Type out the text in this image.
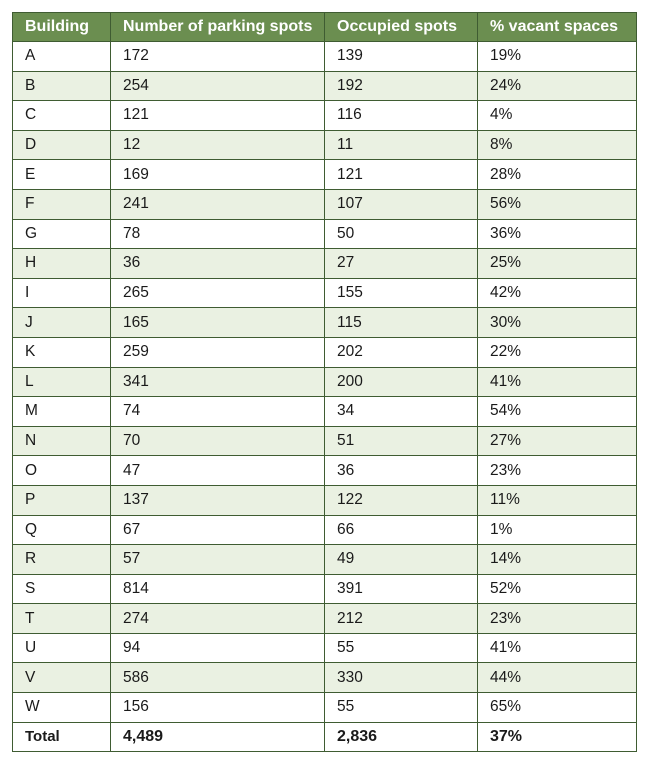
Building	Number of parking spots	Occupied spots	% vacant spaces
A	172	139	19%
B	254	192	24%
C	121	116	4%
D	12	11	8%
E	169	121	28%
F	241	107	56%
G	78	50	36%
H	36	27	25%
I	265	155	42%
J	165	115	30%
K	259	202	22%
L	341	200	41%
M	74	34	54%
N	70	51	27%
O	47	36	23%
P	137	122	11%
Q	67	66	1%
R	57	49	14%
S	814	391	52%
T	274	212	23%
U	94	55	41%
V	586	330	44%
W	156	55	65%
Total	4,489	2,836	37%
